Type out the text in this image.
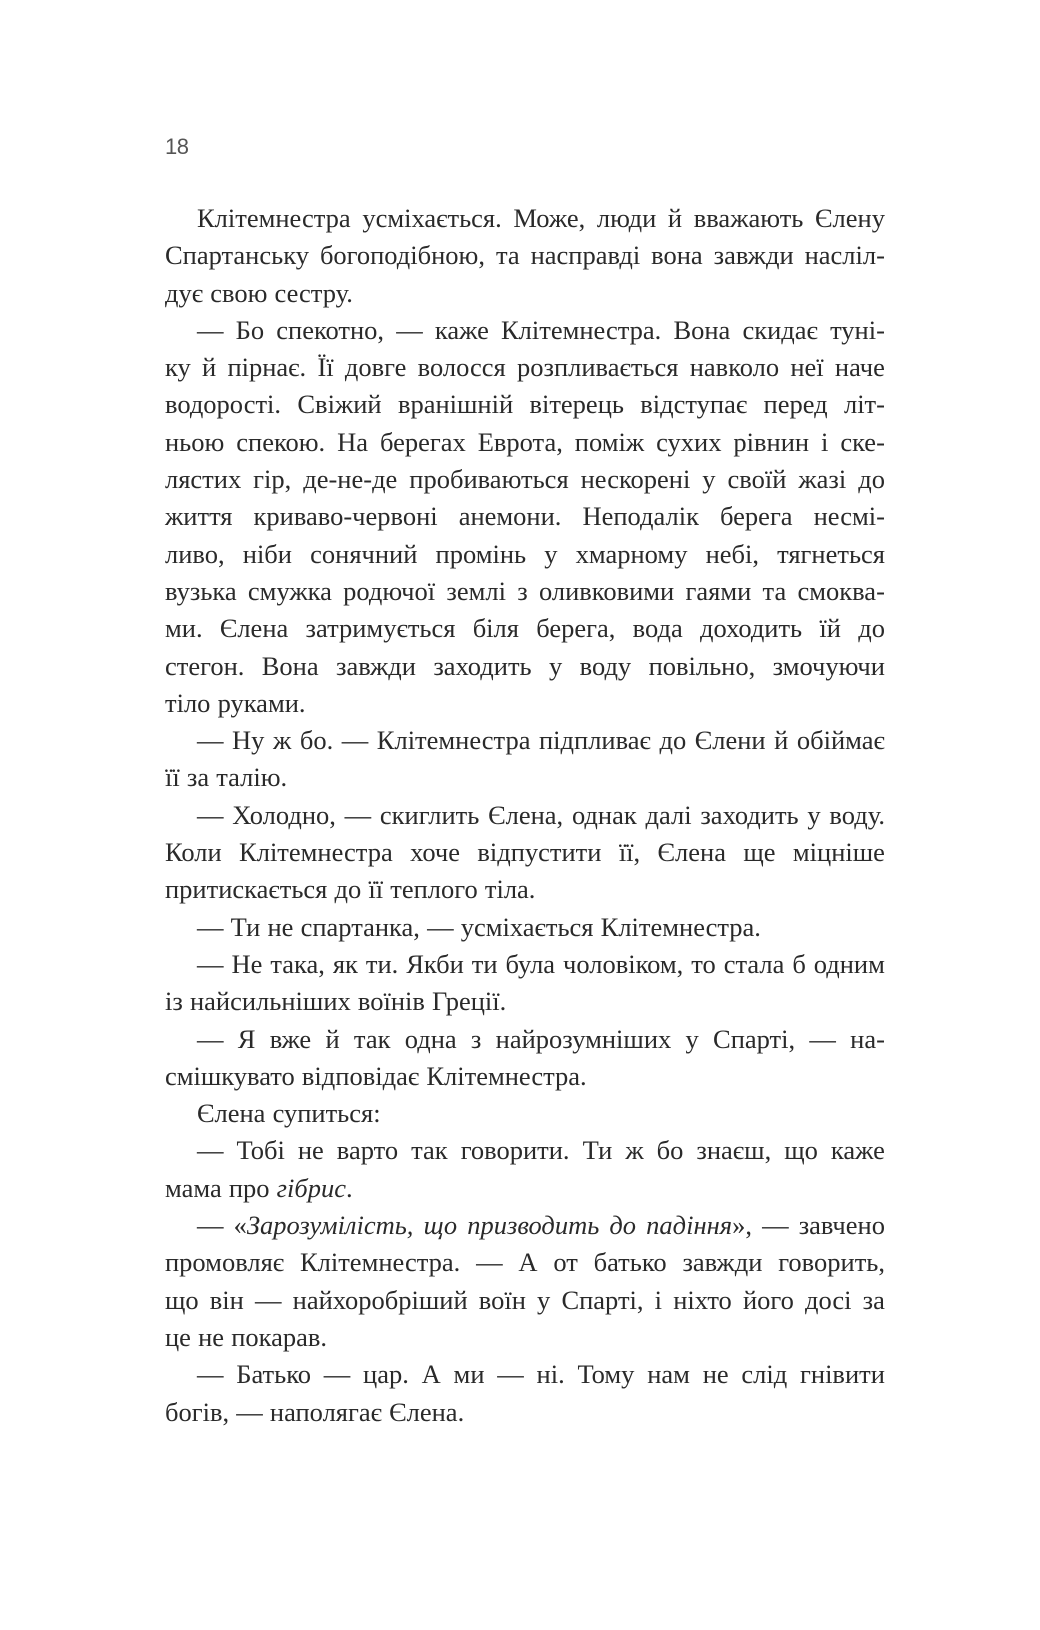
18
Клітемнестра усміхається. Може, люди й вважають Єлену
Спартанську богоподібною, та насправді вона завжди насліл-
дує свою сестру.
— Бо спекотно, — каже Клітемнестра. Вона скидає туні-
ку й пірнає. Її довге волосся розпливається навколо неї наче
водорості. Свіжий вранішній вітерець відступає перед літ-
ньою спекою. На берегах Еврота, поміж сухих рівнин і ске-
лястих гір, де-не-де пробиваються нескорені у своїй жазі до
життя криваво-червоні анемони. Неподалік берега несмі-
ливо, ніби сонячний промінь у хмарному небі, тягнеться
вузька смужка родючої землі з оливковими гаями та смоква-
ми. Єлена затримується біля берега, вода доходить їй до
стегон. Вона завжди заходить у воду повільно, змочуючи
тіло руками.
— Ну ж бо. — Клітемнестра підпливає до Єлени й обіймає
її за талію.
— Холодно, — скиглить Єлена, однак далі заходить у воду.
Коли Клітемнестра хоче відпустити її, Єлена ще міцніше
притискається до її теплого тіла.
— Ти не спартанка, — усміхається Клітемнестра.
— Не така, як ти. Якби ти була чоловіком, то стала б одним
із найсильніших воїнів Греції.
— Я вже й так одна з найрозумніших у Спарті, — на-
смішкувато відповідає Клітемнестра.
Єлена супиться:
— Тобі не варто так говорити. Ти ж бо знаєш, що каже
мама про гібрис.
— «Зарозумілість, що призводить до падіння», — завчено
промовляє Клітемнестра. — А от батько завжди говорить,
що він — найхоробріший воїн у Спарті, і ніхто його досі за
це не покарав.
— Батько — цар. А ми — ні. Тому нам не слід гнівити
богів, — наполягає Єлена.
